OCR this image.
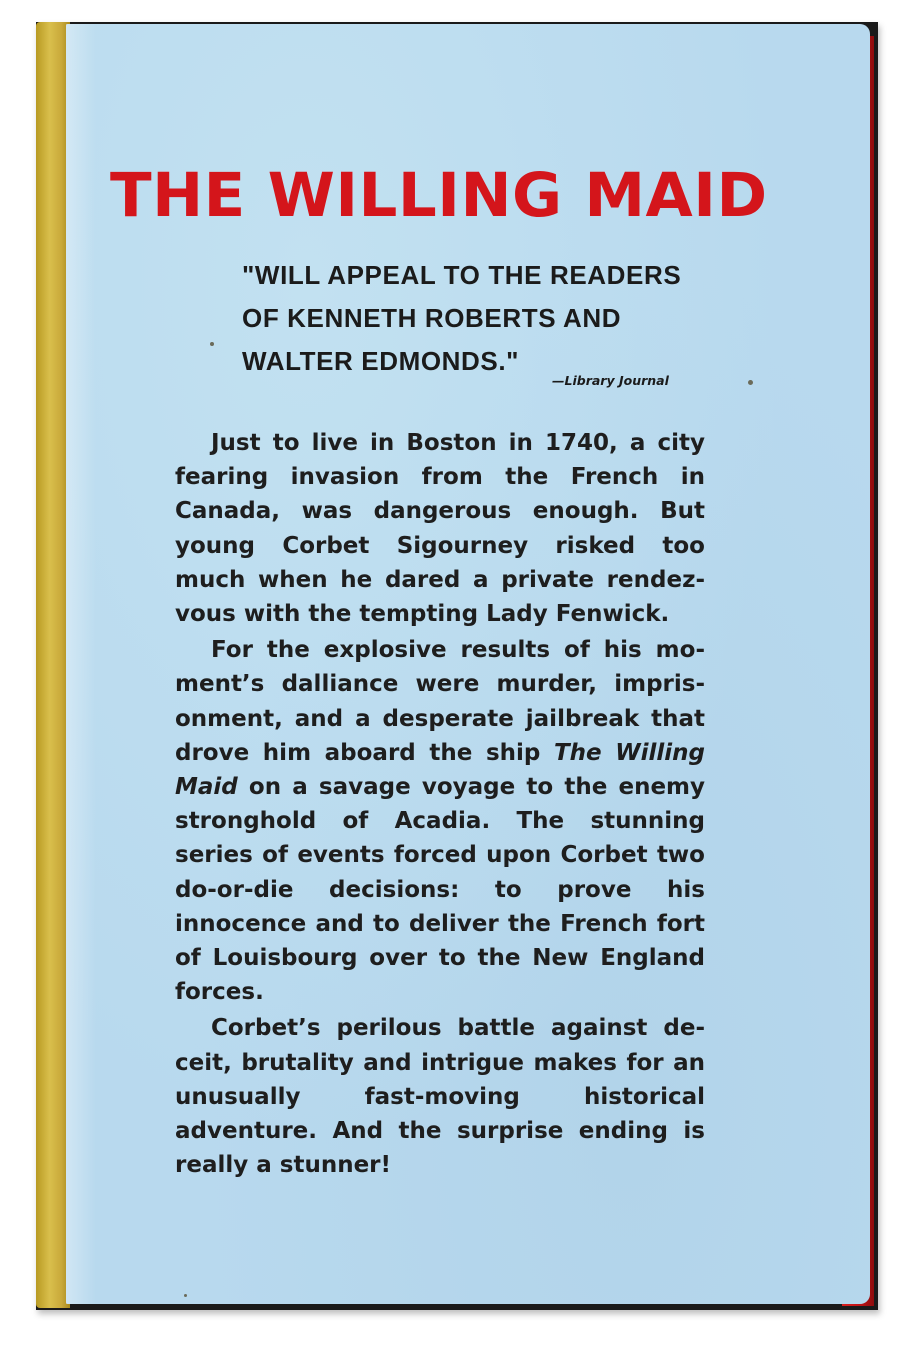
THE WILLING MAID
"WILL APPEAL TO THE READERS OF KENNETH ROBERTS AND WALTER EDMONDS."
—Library Journal

Just to live in Boston in 1740, a city fearing invasion from the French in Canada, was dangerous enough. But young Corbet Sigourney risked too much when he dared a private rendezvous with the tempting Lady Fenwick.

For the explosive results of his moment’s dalliance were murder, imprisonment, and a desperate jailbreak that drove him aboard the ship The Willing Maid on a savage voyage to the enemy stronghold of Acadia. The stunning series of events forced upon Corbet two do-or-die decisions: to prove his innocence and to deliver the French fort of Louisbourg over to the New England forces.

Corbet’s perilous battle against deceit, brutality and intrigue makes for an unusually fast-moving historical adventure. And the surprise ending is really a stunner!
